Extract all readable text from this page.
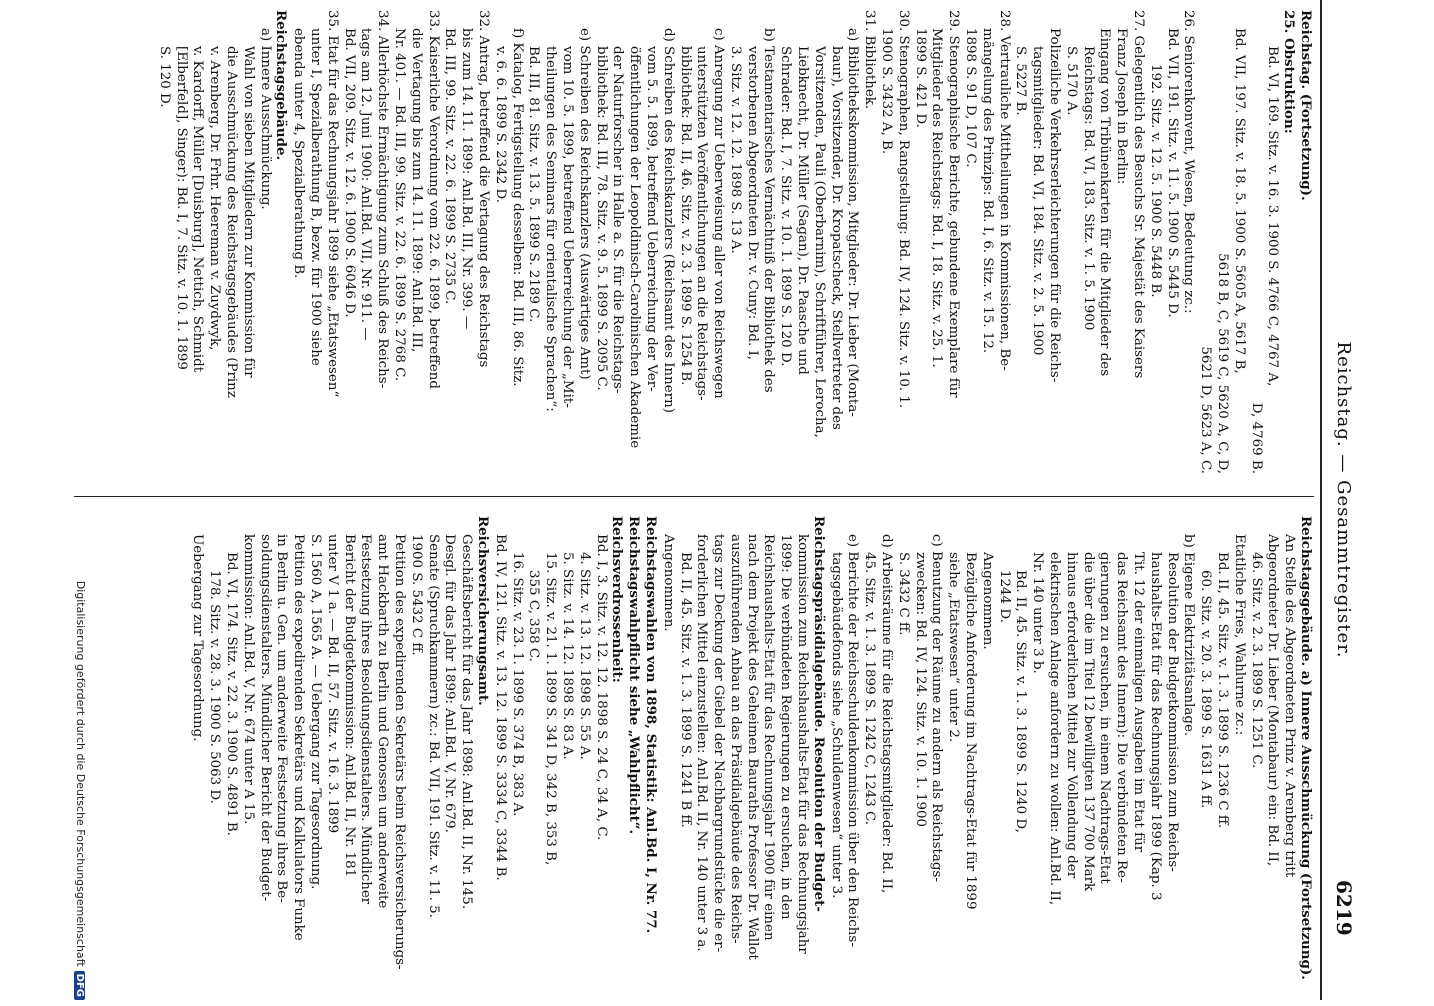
Reichstag. — Gesammtregister.
6219
Reichstag. (Fortsetzung).
25. Obstruktion:
Bd. VI, 169. Sitz. v. 16. 3. 1900 S. 4766 C, 4767 A,
D, 4769 B.
Bd. VII, 197. Sitz. v. 18. 5. 1900 S. 5605 A, 5617 B,
5618 B, C, 5619 C, 5620 A, C, D,
5621 D, 5623 A, C.
26. Seniorenkonvent, Wesen, Bedeutung zc.:
Bd. VII, 191. Sitz. v. 11. 5. 1900 S. 5445 D.
192. Sitz. v. 12. 5. 1900 S. 5448 B.
27. Gelegentlich des Besuchs Sr. Majestät des Kaisers
Franz Joseph in Berlin:
Eingang von Tribünenkarten für die Mitglieder des
Reichstags: Bd. VI, 183. Sitz. v. 1. 5. 1900
S. 5170 A.
Polizeiliche Verkehrserleichterungen für die Reichs-
tagsmitglieder: Bd. VI, 184. Sitz. v. 2. 5. 1900
S. 5227 B.
28. Vertrauliche Mittheilungen in Kommissionen, Be-
mängelung des Prinzips: Bd. I, 6. Sitz. v. 15. 12.
1898 S. 91 D, 107 C.
29. Stenographische Berichte, gebundene Exemplare für
Mitglieder des Reichstags: Bd. I, 18. Sitz. v. 25. 1.
1899 S. 421 D.
30. Stenographen, Rangstellung: Bd. IV, 124. Sitz. v. 10. 1.
1900 S. 3432 A, B.
31. Bibliothek.
a) Bibliothekskommission, Mitglieder: Dr. Lieber (Monta-
baur), Vorsitzender, Dr. Kropatscheck, Stellvertreter des
Vorsitzenden, Pauli (Oberbarnim), Schriftführer, Lerocha,
Liebknecht, Dr. Müller (Sagan), Dr. Paasche und
Schrader: Bd. I, 7. Sitz. v. 10. 1. 1899 S. 120 D.
b) Testamentarisches Vermächtniß der Bibliothek des
verstorbenen Abgeordneten Dr. v. Cuny: Bd. I,
3. Sitz. v. 12. 12. 1898 S. 13 A.
c) Anregung zur Ueberweisung aller von Reichswegen
unterstützten Veröffentlichungen an die Reichstags-
bibliothek: Bd. II, 46. Sitz. v. 2. 3. 1899 S. 1254 B.
d) Schreiben des Reichskanzlers (Reichsamt des Innern)
vom 5. 5. 1899, betreffend Ueberreichung der Ver-
öffentlichungen der Leopoldinisch-Carolinischen Akademie
der Naturforscher in Halle a. S. für die Reichstags-
bibliothek: Bd. III, 78. Sitz. v. 9. 5. 1899 S. 2095 C.
e) Schreiben des Reichskanzlers (Auswärtiges Amt)
vom 10. 5. 1899, betreffend Ueberreichung der „Mit-
theilungen des Seminars für orientalische Sprachen“:
Bd. III, 81. Sitz. v. 13. 5. 1899 S. 2189 C.
f) Katalog, Fertigstellung desselben: Bd. III, 86. Sitz.
v. 6. 6. 1899 S. 2342 D.
32. Antrag, betreffend die Vertagung des Reichstags
bis zum 14. 11. 1899: Anl.Bd. III, Nr. 399. —
Bd. III, 99. Sitz. v. 22. 6. 1899 S. 2735 C.
33. Kaiserliche Verordnung vom 22. 6. 1899, betreffend
die Vertagung bis zum 14. 11. 1899: Anl.Bd. III,
Nr. 401. — Bd. III, 99. Sitz. v. 22. 6. 1899 S. 2768 C.
34. Allerhöchste Ermächtigung zum Schluß des Reichs-
tags am 12. Juni 1900: Anl.Bd. VII, Nr. 911. —
Bd. VII, 209. Sitz. v. 12. 6. 1900 S. 6046 D.
35. Etat für das Rechnungsjahr 1899 siehe „Etatswesen“
unter I, Spezialberathung B, bezw. für 1900 siehe
ebenda unter 4, Spezialberathung B.
Reichstagsgebäude.
a) Innere Ausschmückung.
Wahl von sieben Mitgliedern zur Kommission für
die Ausschmückung des Reichstagsgebäudes (Prinz
v. Arenberg, Dr. Frhr. Heereman v. Zuydwyk,
v. Kardorff, Müller [Duisburg], Nettich, Schmidt
[Elberfeld], Singer): Bd. I, 7. Sitz. v. 10. 1. 1899
S. 120 D.
Reichstagsgebäude. a) Innere Ausschmückung (Fortsetzung).
An Stelle des Abgeordneten Prinz v. Arenberg tritt
Abgeordneter Dr. Lieber (Montabaur) ein: Bd. II,
46. Sitz. v. 2. 3. 1899 S. 1251 C.
Etatliche Fries, Wahlurne zc.:
Bd. II, 45. Sitz. v. 1. 3. 1899 S. 1236 C ff.
60. Sitz. v. 20. 3. 1899 S. 1631 A ff.
b) Eigene Elektrizitätsanlage.
Resolution der Budgetkommission zum Reichs-
haushalts-Etat für das Rechnungsjahr 1899 (Kap. 3
Tit. 12 der einmaligen Ausgaben im Etat für
das Reichsamt des Innern): Die verbündeten Re-
gierungen zu ersuchen, in einem Nachtrags-Etat
die über die im Titel 12 bewilligten 137 700 Mark
hinaus erforderlichen Mittel zur Vollendung der
elektrischen Anlage anfordern zu wollen: Anl.Bd. II,
Nr. 140 unter 3 b.
Bd. II, 45. Sitz. v. 1. 3. 1899 S. 1240 D,
1244 D.
Angenommen.
Bezügliche Anforderung im Nachtrags-Etat für 1899
siehe „Etatswesen“ unter 2.
c) Benutzung der Räume zu andern als Reichstags-
zwecken: Bd. IV, 124. Sitz. v. 10. 1. 1900
S. 3432 C ff.
d) Arbeitsräume für die Reichstagsmitglieder: Bd. II,
45. Sitz. v. 1. 3. 1899 S. 1242 C, 1243 C.
e) Berichte der Reichsschuldenkommission über den Reichs-
tagsgebäudefonds siehe „Schuldenwesen“ unter 3.
Reichstagspräsidialgebäude. Resolution der Budget-
kommission zum Reichshaushalts-Etat für das Rechnungsjahr
1899: Die verbündeten Regierungen zu ersuchen, in den
Reichshaushalts-Etat für das Rechnungsjahr 1900 für einen
nach dem Projekt des Geheimen Bauraths Professor Dr. Wallot
auszuführenden Anbau an das Präsidialgebäude des Reichs-
tags zur Deckung der Giebel der Nachbargrundstücke die er-
forderlichen Mittel einzustellen: Anl.Bd. II, Nr. 140 unter 3 a.
Bd. II, 45. Sitz. v. 1. 3. 1899 S. 1241 B ff.
Angenommen.
Reichstagswahlen von 1898, Statistik: Anl.Bd. I, Nr. 77.
Reichstagswahlpflicht siehe „Wahlpflicht“.
Reichsverdrossenheit:
Bd. I, 3. Sitz. v. 12. 12. 1898 S. 24 C, 34 A, C.
4. Sitz. v. 13. 12. 1898 S. 55 A.
5. Sitz. v. 14. 12. 1898 S. 83 A.
15. Sitz. v. 21. 1. 1899 S. 341 D, 342 B, 353 B,
355 C, 358 C.
16. Sitz. v. 23. 1. 1899 S. 374 B, 383 A.
Bd. IV, 121. Sitz. v. 13. 12. 1899 S. 3334 C, 3344 B.
Reichsversicherungsamt.
Geschäftsbericht für das Jahr 1898: Anl.Bd. II, Nr. 145.
Desgl. für das Jahr 1899: Anl.Bd. V, Nr. 679.
Senate (Spruchkammern) zc.: Bd. VII, 191. Sitz. v. 11. 5.
1900 S. 5432 C ff.
Petition des expedirenden Sekretärs beim Reichsversicherungs-
amt Hackbarth zu Berlin und Genossen um anderweite
Festsetzung ihres Besoldungsdienstalters. Mündlicher
Bericht der Budgetkommission: Anl.Bd. II, Nr. 181
unter V 1 a. — Bd. II, 57. Sitz. v. 16. 3. 1899
S. 1560 A, 1565 A. — Uebergang zur Tagesordnung.
Petition des expedirenden Sekretärs und Kalkulators Funke
in Berlin u. Gen. um anderweite Festsetzung ihres Be-
soldungsdienstalters. Mündlicher Bericht der Budget-
kommission: Anl.Bd. V, Nr. 674 unter A 15.
Bd. VI, 174. Sitz. v. 22. 3. 1900 S. 4891 B.
178. Sitz. v. 28. 3. 1900 S. 5063 D.
Uebergang zur Tagesordnung.
Digitalisierung gefördert durch die Deutsche ForschungsgemeinschaftDFG
